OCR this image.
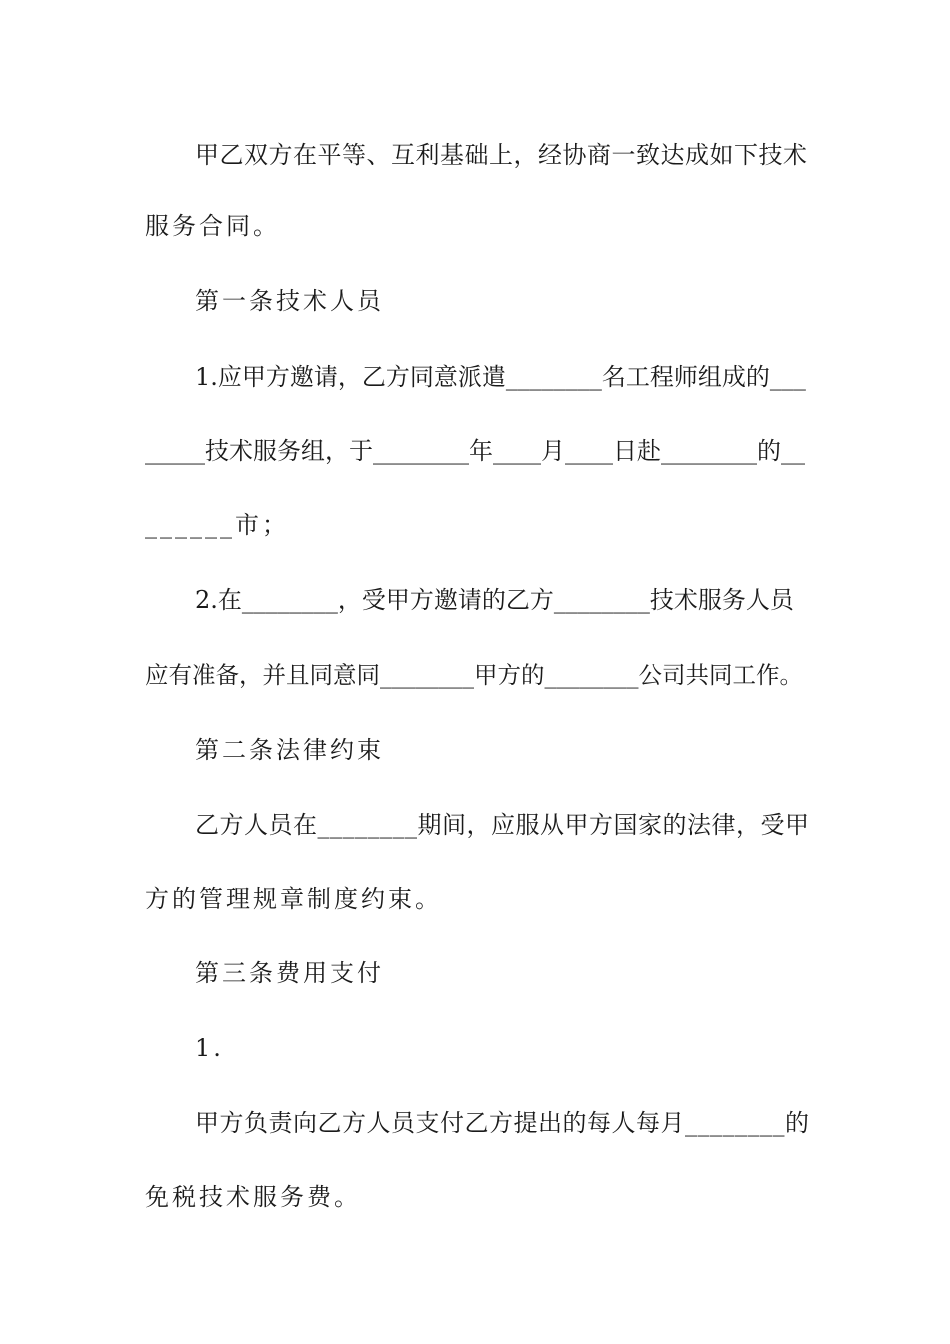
甲乙双方在平等、互利基础上，经协商一致达成如下技术
服务合同。
第一条技术人员
1.应甲方邀请，乙方同意派遣________名工程师组成的___
_____技术服务组，于________年____月____日赴________的__
______市；
2.在________，受甲方邀请的乙方________技术服务人员
应有准备，并且同意同________甲方的________公司共同工作。
第二条法律约束
乙方人员在________期间，应服从甲方国家的法律，受甲
方的管理规章制度约束。
第三条费用支付
1.
甲方负责向乙方人员支付乙方提出的每人每月________的
免税技术服务费。
